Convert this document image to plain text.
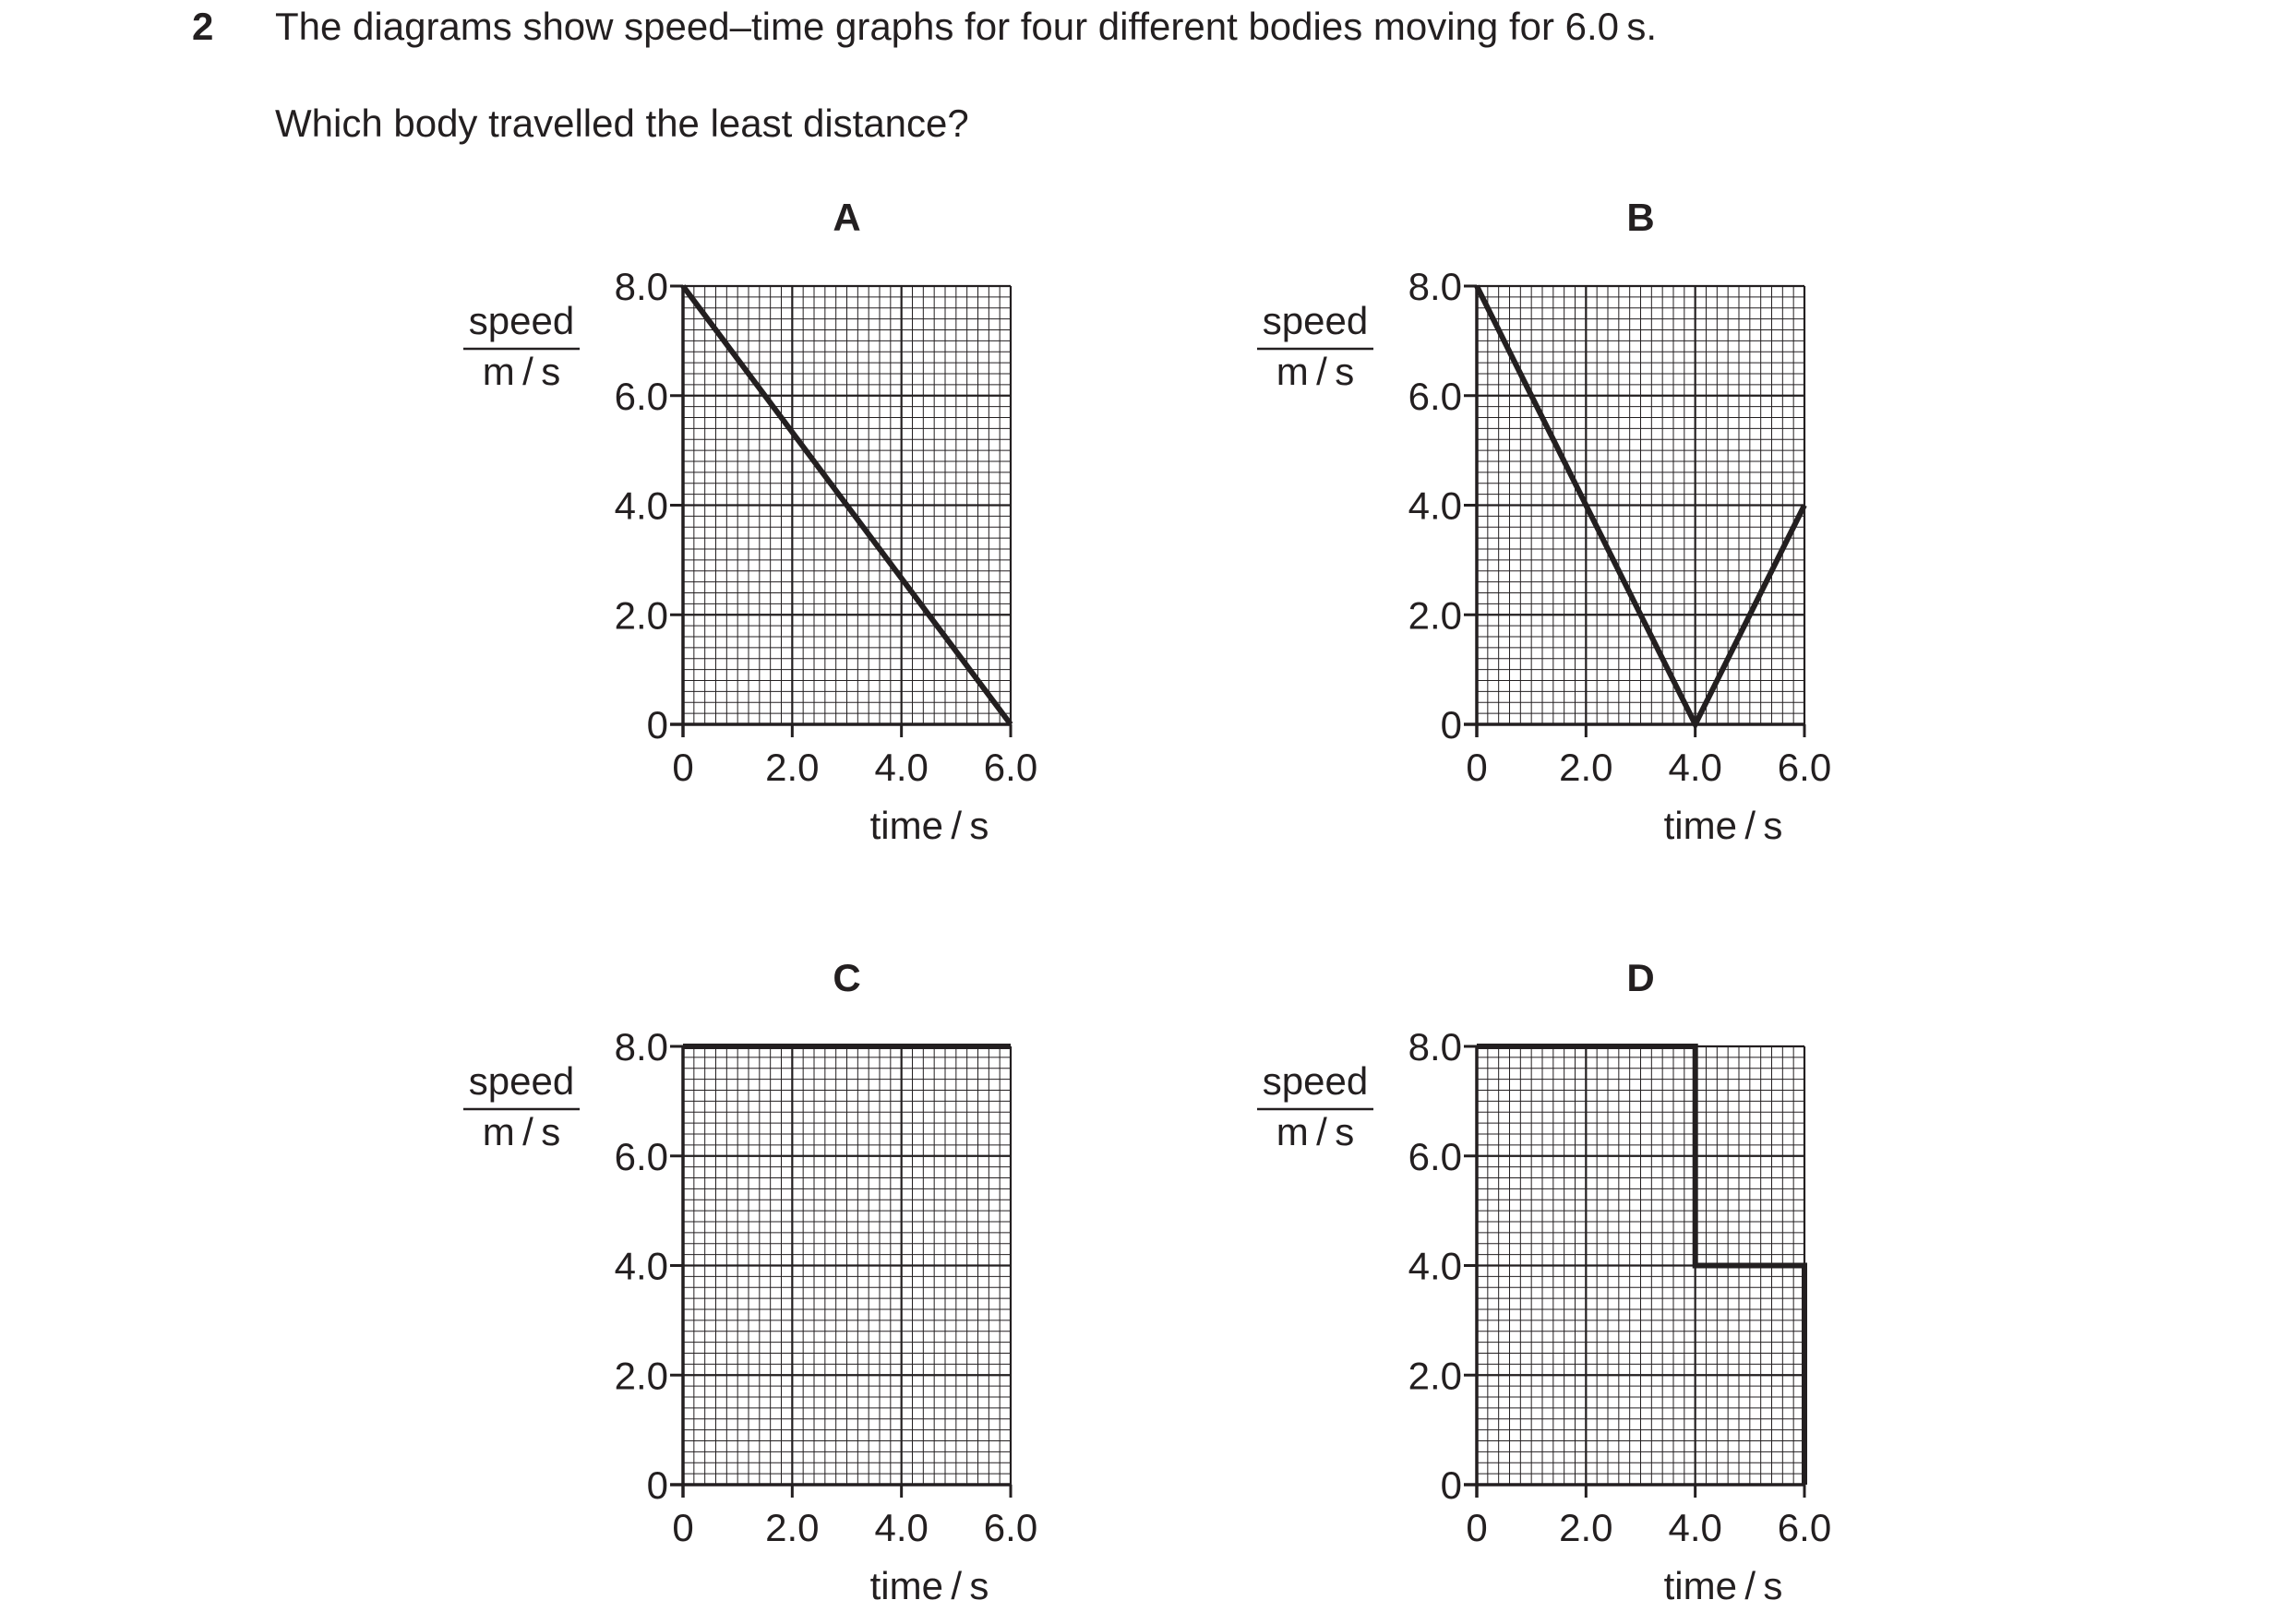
2 The diagrams show speed–time graphs for four different bodies moving for 6.0 s.
Which body travelled the least distance?
A
0
2.0
4.0
6.0
8.0
0 2.0 4.0 6.0
speed
m / s
time / s
B
0
2.0
4.0
6.0
8.0
0 2.0 4.0 6.0
speed
m / s
time / s
C
0
2.0
4.0
6.0
8.0
0 2.0 4.0 6.0
speed
m / s
time / s
D
0
2.0
4.0
6.0
8.0
0 2.0 4.0 6.0
speed
m / s
time / s
